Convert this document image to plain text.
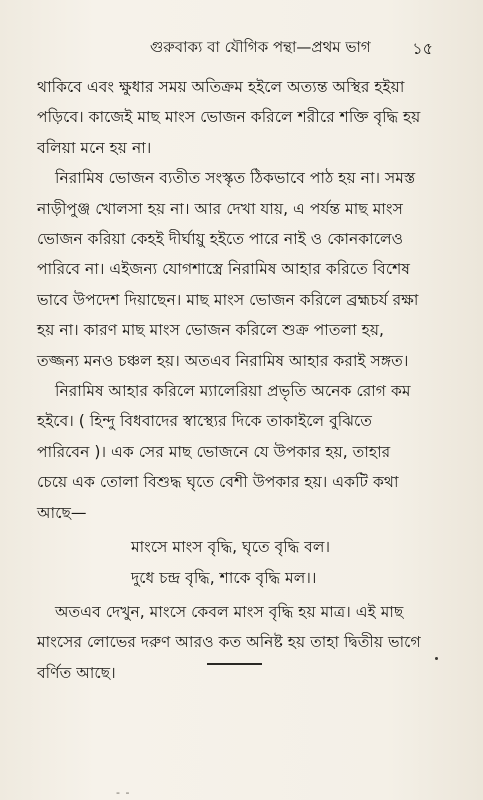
গুরুবাক্য বা যৌগিক পন্থা—প্রথম ভাগ	১৫
থাকিবে এবং ক্ষুধার সময় অতিক্রম হইলে অত্যন্ত অস্থির হইয়া
পড়িবে। কাজেই মাছ মাংস ভোজন করিলে শরীরে শক্তি বৃদ্ধি হয়
বলিয়া মনে হয় না।
নিরামিষ ভোজন ব্যতীত সংস্কৃত ঠিকভাবে পাঠ হয় না। সমস্ত
নাড়ীপুঞ্জ খোলসা হয় না। আর দেখা যায়, এ পর্যন্ত মাছ মাংস
ভোজন করিয়া কেহই দীর্ঘায়ু হইতে পারে নাই ও কোনকালেও
পারিবে না। এইজন্য যোগশাস্ত্রে নিরামিষ আহার করিতে বিশেষ
ভাবে উপদেশ দিয়াছেন। মাছ মাংস ভোজন করিলে ব্রহ্মচর্য রক্ষা
হয় না। কারণ মাছ মাংস ভোজন করিলে শুক্র পাতলা হয়,
তজ্জন্য মনও চঞ্চল হয়। অতএব নিরামিষ আহার করাই সঙ্গত।
নিরামিষ আহার করিলে ম্যালেরিয়া প্রভৃতি অনেক রোগ কম
হইবে। ( হিন্দু বিধবাদের স্বাস্থ্যের দিকে তাকাইলে বুঝিতে
পারিবেন )। এক সের মাছ ভোজনে যে উপকার হয়, তাহার
চেয়ে এক তোলা বিশুদ্ধ ঘৃতে বেশী উপকার হয়। একটি কথা
আছে—
মাংসে মাংস বৃদ্ধি, ঘৃতে বৃদ্ধি বল।
দুধে চন্দ্র বৃদ্ধি, শাকে বৃদ্ধি মল।।
অতএব দেখুন, মাংসে কেবল মাংস বৃদ্ধি হয় মাত্র। এই মাছ
মাংসের লোভের দরুণ আরও কত অনিষ্ট হয় তাহা দ্বিতীয় ভাগে
বর্ণিত আছে।
- -
